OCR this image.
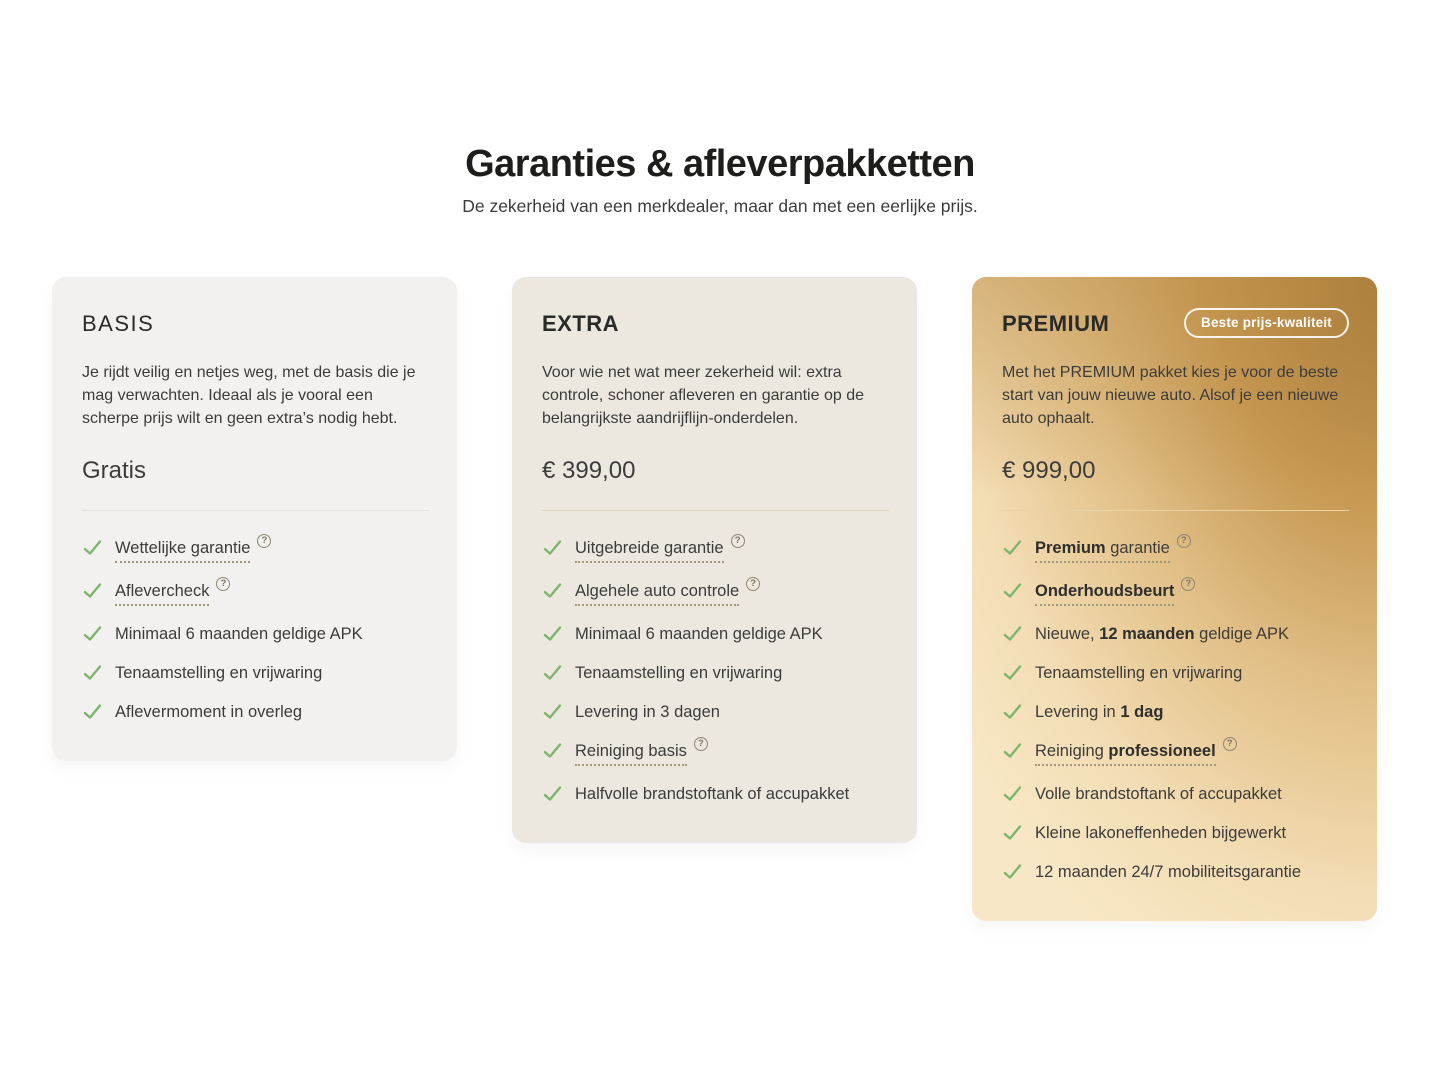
Garanties & afleverpakketten
De zekerheid van een merkdealer, maar dan met een eerlijke prijs.
BASIS
Je rijdt veilig en netjes weg, met de basis die je mag verwachten. Ideaal als je vooral een scherpe prijs wilt en geen extra’s nodig hebt.
Gratis
Wettelijke garantie	?
Aflevercheck	?
Minimaal 6 maanden geldige APK
Tenaamstelling en vrijwaring
Aflevermoment in overleg
EXTRA
Voor wie net wat meer zekerheid wil: extra controle, schoner afleveren en garantie op de belangrijkste aandrijflijn-onderdelen.
€ 399,00
Uitgebreide garantie	?
Algehele auto controle	?
Minimaal 6 maanden geldige APK
Tenaamstelling en vrijwaring
Levering in 3 dagen
Reiniging basis	?
Halfvolle brandstoftank of accupakket
Beste prijs-kwaliteit
PREMIUM
Met het PREMIUM pakket kies je voor de beste start van jouw nieuwe auto. Alsof je een nieuwe auto ophaalt.
€ 999,00
Premium garantie	?
Onderhoudsbeurt	?
Nieuwe, 12 maanden geldige APK
Tenaamstelling en vrijwaring
Levering in 1 dag
Reiniging professioneel	?
Volle brandstoftank of accupakket
Kleine lakoneffenheden bijgewerkt
12 maanden 24/7 mobiliteitsgarantie
